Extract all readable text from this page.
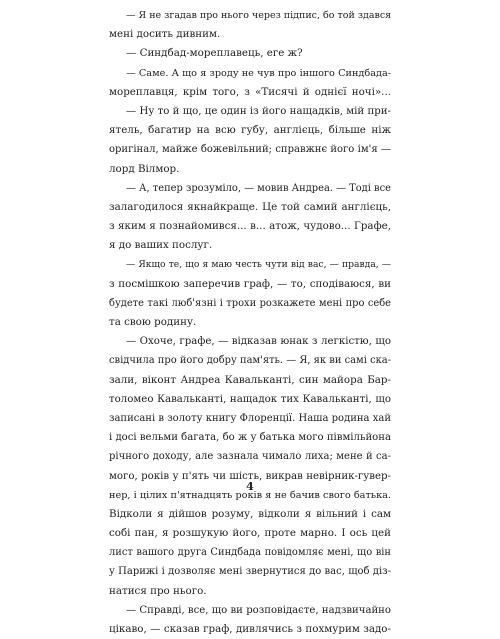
— Я не згадав про нього через підпис, бо той здався
мені досить дивним.
— Синдбад-мореплавець, еге ж?
— Саме. А що я зроду не чув про іншого Синдбада-
мореплавця, крім того, з «Тисячі й однієї ночі»...
— Ну то й що, це один із його нащадків, мій при-
ятель, багатир на всю губу, англієць, більше ніж
оригінал, майже божевільний; справжнє його ім'я —
лорд Вілмор.
— А, тепер зрозуміло, — мовив Андреа. — Тоді все
залагодилося якнайкраще. Це той самий англієць,
з яким я познайомився... в... атож, чудово... Графе,
я до ваших послуг.
— Якщо те, що я маю честь чути від вас, — правда, —
з посмішкою заперечив граф, — то, сподіваюся, ви
будете такі люб'язні і трохи розкажете мені про себе
та свою родину.
— Охоче, графе, — відказав юнак з легкістю, що
свідчила про його добру пам'ять. — Я, як ви самі ска-
зали, віконт Андреа Кавальканті, син майора Бар-
толомео Кавальканті, нащадок тих Кавальканті, що
записані в золоту книгу Флоренції. Наша родина хай
і досі вельми багата, бо ж у батька мого півмільйона
річного доходу, але зазнала чимало лиха; мене й са-
мого, років у п'ять чи шість, викрав невірник-гувер-
нер, і цілих п'ятнадцять років я не бачив свого батька.
Відколи я дійшов розуму, відколи я вільний і сам
собі пан, я розшукую його, проте марно. І ось цей
лист вашого друга Синдбада повідомляє мені, що він
у Парижі і дозволяє мені звернутися до вас, щоб діз-
натися про нього.
— Справді, все, що ви розповідаєте, надзвичайно
цікаво, — сказав граф, дивлячись з похмурим задо-
4
